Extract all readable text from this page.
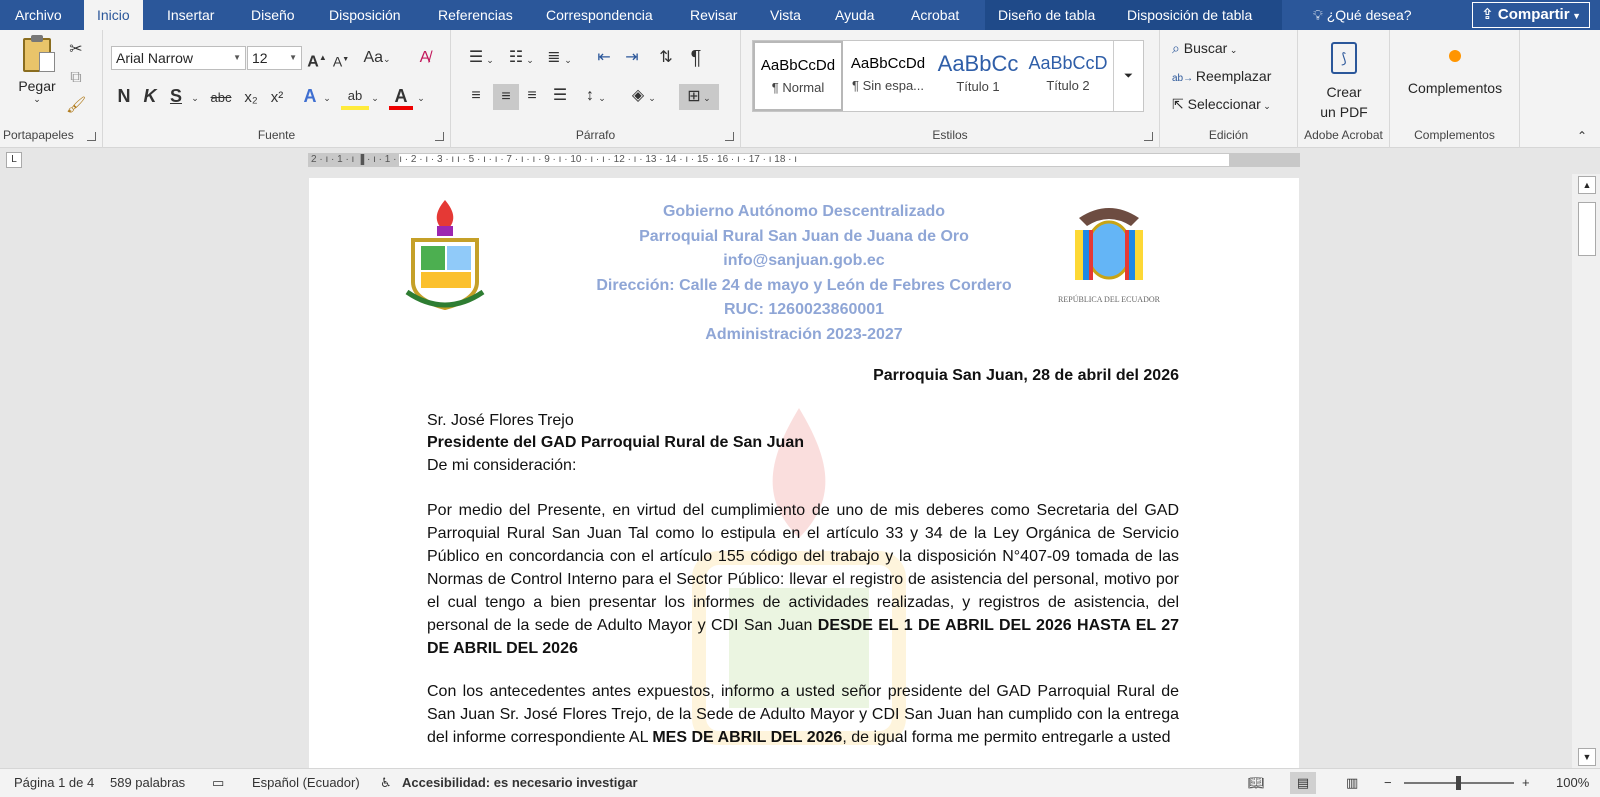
Archivo	Inicio	Insertar	Diseño	Disposición	Referencias	Correspondencia	Revisar	Vista	Ayuda	Acrobat	Diseño de tabla	Disposición de tabla	💡︎ ¿Qué desea?	⇪ Compartir ▼
Pegar
⌄
✂
⧉
🖌︎
Portapapeles
Arial Narrow	▼ 12	▼ A▲ A▼ Aa⌄ A̸
N K S	⌄ abc x₂ x² A ⌄	ab ⌄ A	⌄
Fuente
☰ ⌄ ☷ ⌄ ≣ ⌄ ⇤ ⇥ ⇅ ¶
≡	≡	≡	☰	↕ ⌄	◈ ⌄	⊞ ⌄
Párrafo
AaBbCcDd
¶ Normal
AaBbCcDd
¶ Sin espa...
AaBbCc
Título 1
AaBbCcD
Título 2
⏷
Estilos
⌕ Buscar ⌄
ab→ Reemplazar
⇱ Seleccionar ⌄
Edición
⟆
Crear
un PDF
Adobe Acrobat
Complementos
Complementos	⌃
L	2 · ı · 1 · ı ▐ · ı · 1 · ı · 2 · ı · 3 · ı ı · 5 · ı · ı · 7 · ı · ı · 9 · ı · 10 · ı · ı · 12 · ı · 13 · 14 · ı · 15 · 16 · ı · 17 · ı 18 · ı
Gobierno Autónomo Descentralizado
Parroquial Rural San Juan de Juana de Oro
info@sanjuan.gob.ec
Dirección: Calle 24 de mayo y León de Febres Cordero
RUC: 1260023860001
Administración 2023-2027
REPÚBLICA DEL ECUADOR
Parroquia San Juan, 28 de abril del 2026
Sr. José Flores Trejo
Presidente del GAD Parroquial Rural de San Juan
De mi consideración:
Por medio del Presente, en virtud del cumplimiento de uno de mis deberes como Secretaria del GAD Parroquial Rural San Juan Tal como lo estipula en el artículo 33 y 34 de la Ley Orgánica de Servicio Público en concordancia con el artículo 155 código del trabajo y la disposición N°407-09 tomada de las Normas de Control Interno para el Sector Público: llevar el registro de asistencia del personal, motivo por el cual tengo a bien presentar los informes de actividades realizadas, y registros de asistencia, del personal de la sede de Adulto Mayor y CDI San Juan DESDE EL 1 DE ABRIL DEL 2026 HASTA EL 27 DE ABRIL DEL 2026
Con los antecedentes antes expuestos, informo a usted señor presidente del GAD Parroquial Rural de San Juan Sr. José Flores Trejo, de la Sede de Adulto Mayor y CDI San Juan han cumplido con la entrega del informe correspondiente AL MES DE ABRIL DEL 2026, de igual forma me permito entregarle a usted
▲
▼
Página 1 de 4 589 palabras ▭ Español (Ecuador) ♿︎ Accesibilidad: es necesario investigar	📖︎	▤	▥ −	+ 100%
